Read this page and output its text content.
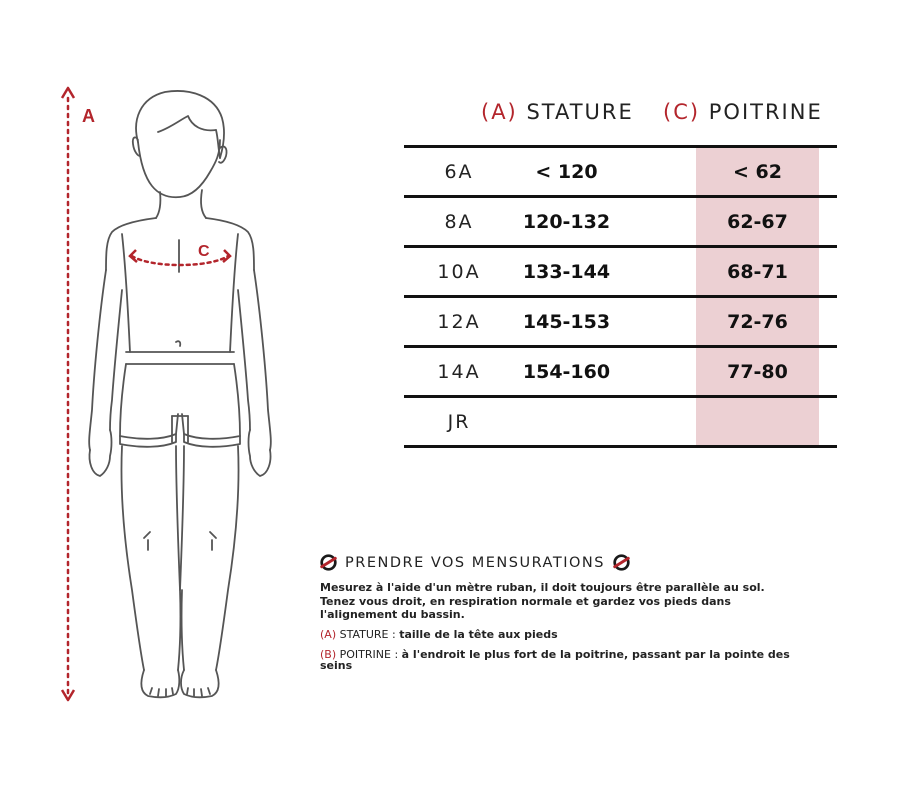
A
C
(A) STATURE (C) POITRINE
6A	< 120	< 62	
8A	120-132	62-67	
10A	133-144	68-71	
12A	145-153	72-76	
14A	154-160	77-80	
JR			
PRENDRE VOS MENSURATIONS

Mesurez à l'aide d'un mètre ruban, il doit toujours être parallèle au sol. Tenez vous droit, en respiration normale et gardez vos pieds dans l'alignement du bassin.

(A) STATURE : taille de la tête aux pieds

(B) POITRINE : à l'endroit le plus fort de la poitrine, passant par la pointe des seins
